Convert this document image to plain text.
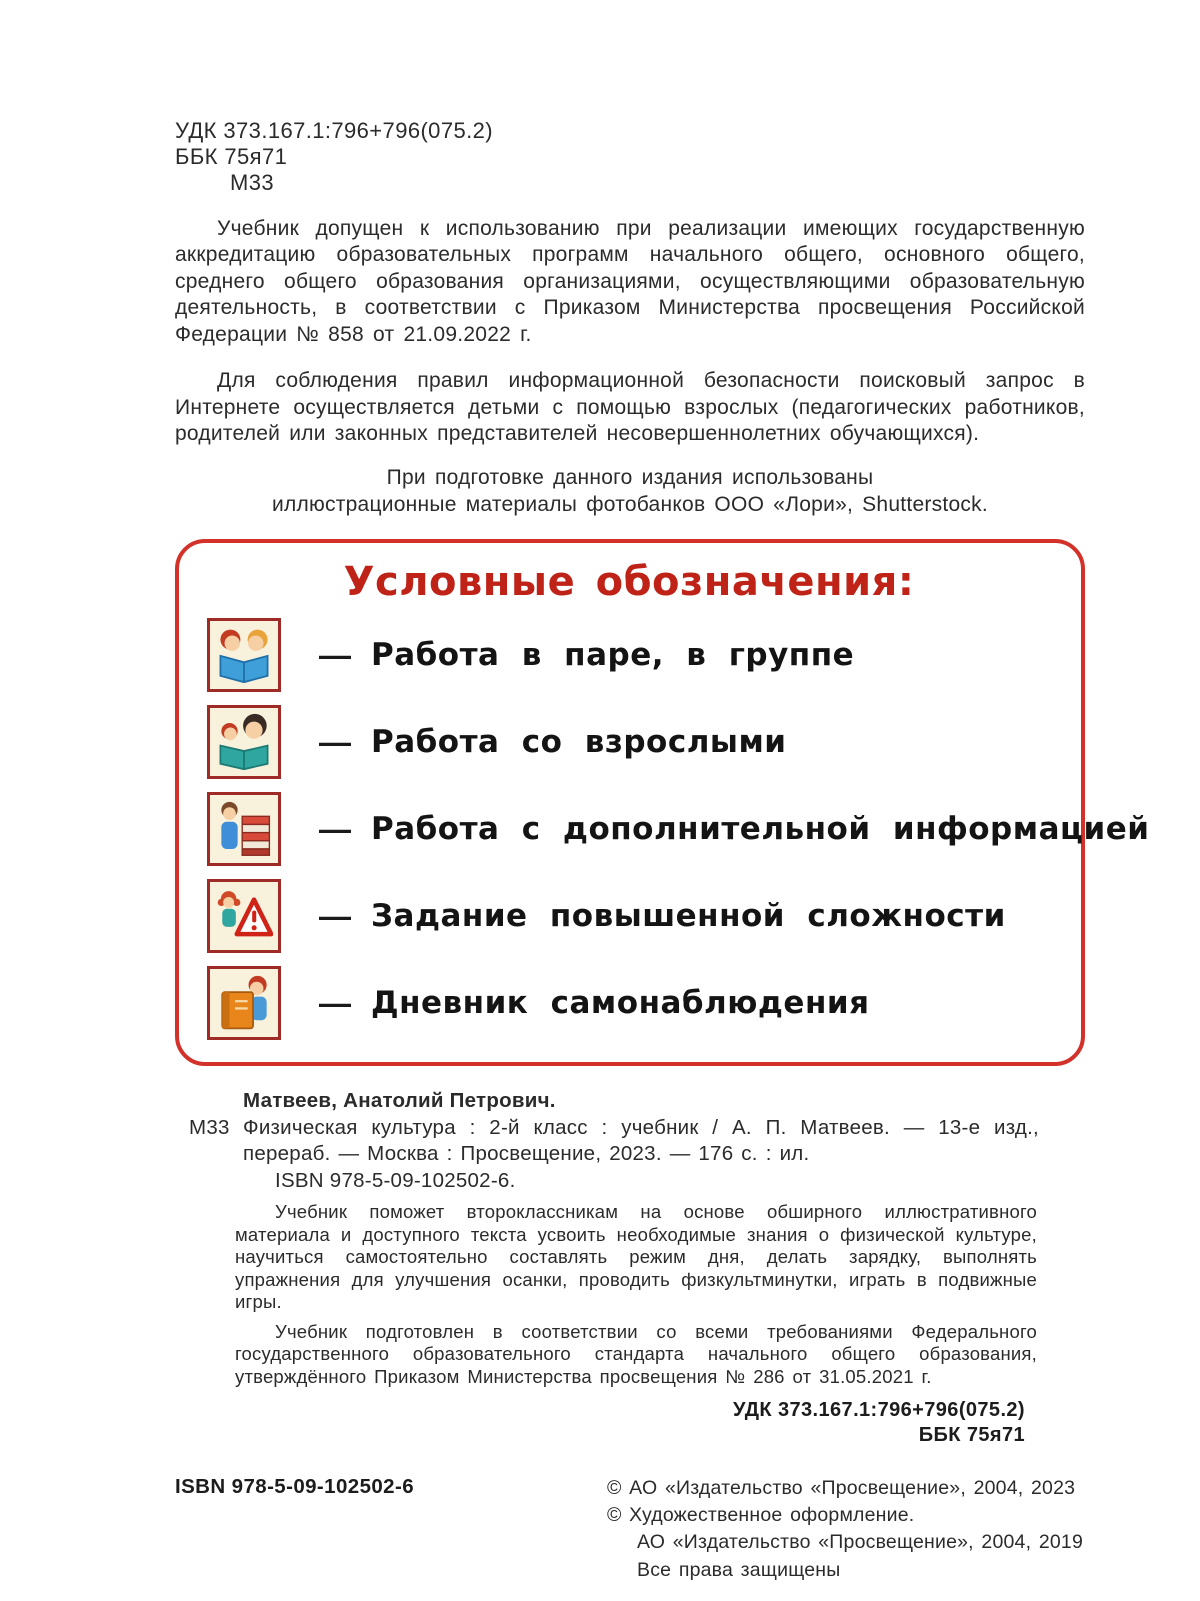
УДК 373.167.1:796+796(075.2)
ББК 75я71
М33

Учебник допущен к использованию при реализации имеющих государственную аккредитацию образовательных программ начального общего, основного общего, среднего общего образования организациями, осуществляющими образовательную деятельность, в соответствии с Приказом Министерства просвещения Российской Федерации № 858 от 21.09.2022 г.

Для соблюдения правил информационной безопасности поисковый запрос в Интернете осуществляется детьми с помощью взрослых (педагогических работников, родителей или законных представителей несовершеннолетних обучающихся).

При подготовке данного издания использованы
иллюстрационные материалы фотобанков ООО «Лори», Shutterstock.
Условные обозначения:
— Работа в паре, в группе
— Работа со взрослыми
— Работа с дополнительной информацией
— Задание повышенной сложности
— Дневник самонаблюдения
Матвеев, Анатолий Петрович.
М33 Физическая культура : 2-й класс : учебник / А. П. Матвеев. — 13-е изд., перераб. — Москва : Просвещение, 2023. — 176 с. : ил.
ISBN 978-5-09-102502-6.

Учебник поможет второклассникам на основе обширного иллюстративного материала и доступного текста усвоить необходимые знания о физической культуре, научиться самостоятельно составлять режим дня, делать зарядку, выполнять упражнения для улучшения осанки, проводить физкультминутки, играть в подвижные игры.

Учебник подготовлен в соответствии со всеми требованиями Федерального государственного образовательного стандарта начального общего образования, утверждённого Приказом Министерства просвещения № 286 от 31.05.2021 г.

УДК 373.167.1:796+796(075.2)
ББК 75я71
ISBN 978-5-09-102502-6	© АО «Издательство «Просвещение», 2004, 2023
© Художественное оформление.
АО «Издательство «Просвещение», 2004, 2019
Все права защищены
